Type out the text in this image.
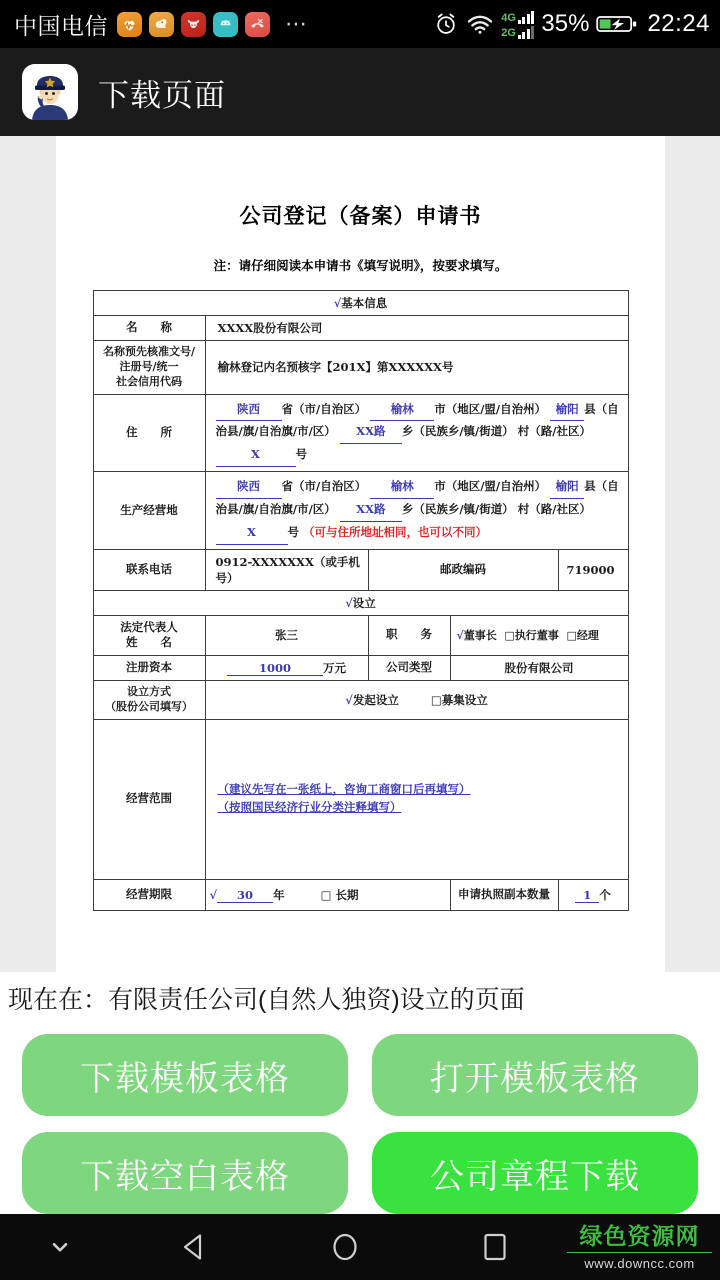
中国电信	⋯	4G
2G 35% 22:24
下载页面
公司登记（备案）申请书
注：请仔细阅读本申请书《填写说明》，按要求填写。
√基本信息				
名　　称	XXXX股份有限公司			

名称预先核准文号/
注册号/统一
社会信用代码	榆林登记内名预核字【201X】第XXXXXX号			
住　　所	陕西 省（市/自治区） 榆林 市（地区/盟/自治州） 榆阳 县（自治县/旗/自治旗/市/区） XX路 乡（民族乡/镇/街道） 村（路/社区）X 号			
生产经营地	陕西 省（市/自治区） 榆林 市（地区/盟/自治州） 榆阳 县（自治县/旗/自治旗/市/区） XX路 乡（民族乡/镇/街道） 村（路/社区）X 号 （可与住所地址相同，也可以不同）			
联系电话	0912-XXXXXXX（或手机号）	邮政编码		719000
√设立				

法定代表人
姓　　名	张三	职　　务	√董事长 □执行董事 □经理	
注册资本	1000 万元	公司类型	股份有限公司	

设立方式
（股份公司填写）	√发起设立 □募集设立			
经营范围	（建议先写在一张纸上，咨询工商窗口后再填写）
（按照国民经济行业分类注释填写）			

经营期限	√ 30 年 □ 长期		申请执照副本数量	1 个
现在在：有限责任公司(自然人独资)设立的页面
下载模板表格	打开模板表格
下载空白表格	公司章程下载
绿色资源网
www.downcc.com
